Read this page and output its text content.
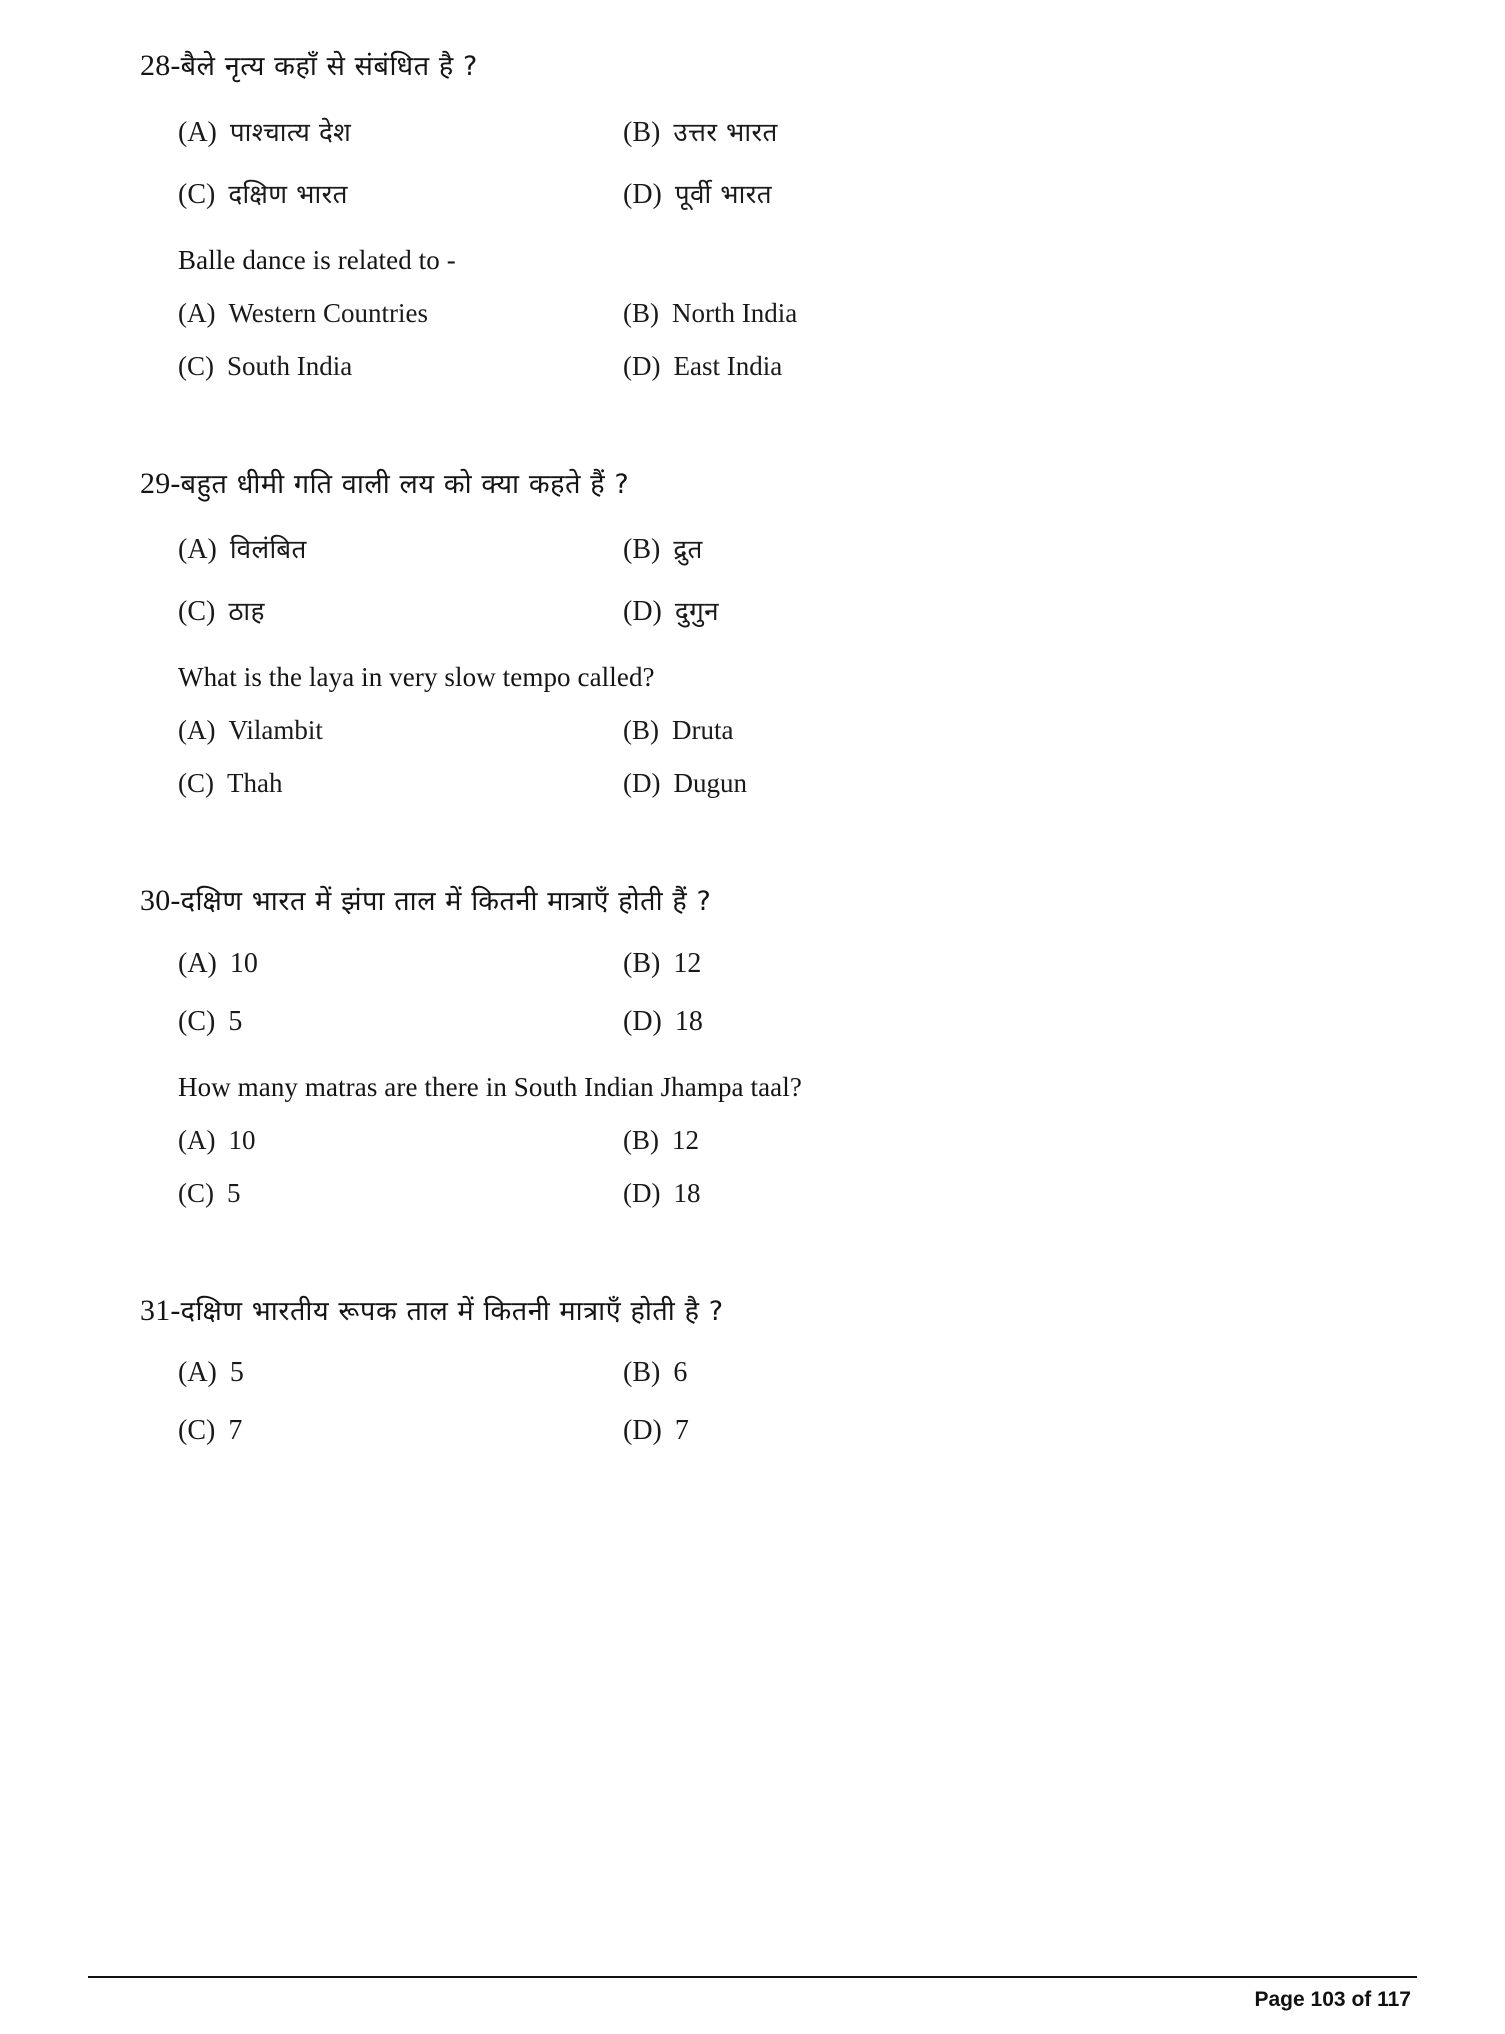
28-बैले नृत्य कहाँ से संबंधित है ?
(A) पाश्चात्य देश	(B) उत्तर भारत
(C) दक्षिण भारत	(D) पूर्वी भारत
Balle dance is related to -
(A) Western Countries	(B) North India
(C) South India	(D) East India
29-बहुत धीमी गति वाली लय को क्या कहते हैं ?
(A) विलंबित	(B) द्रुत
(C) ठाह	(D) दुगुन
What is the laya in very slow tempo called?
(A) Vilambit	(B) Druta
(C) Thah	(D) Dugun
30-दक्षिण भारत में झंपा ताल में कितनी मात्राएँ होती हैं ?
(A) 10	(B) 12
(C) 5	(D) 18
How many matras are there in South Indian Jhampa taal?
(A) 10	(B) 12
(C) 5	(D) 18
31-दक्षिण भारतीय रूपक ताल में कितनी मात्राएँ होती है ?
(A) 5	(B) 6
(C) 7	(D) 7
Page 103 of 117
